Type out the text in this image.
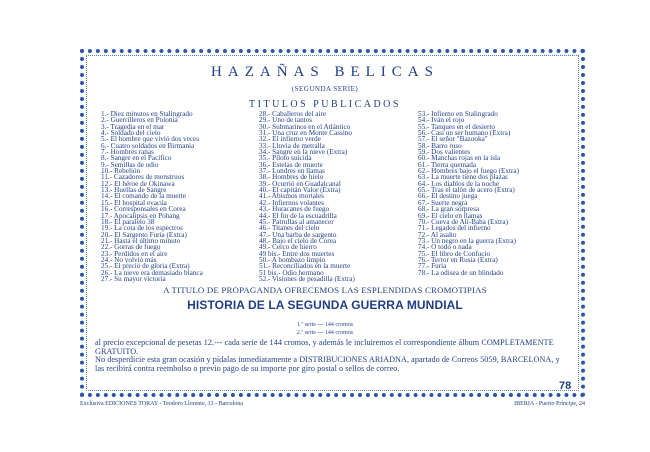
HAZAÑAS BELICAS
(SEGUNDA SERIE)
TITULOS PUBLICADOS
1.- Diez minutos en Stalingrado
2.- Guerrilleros en Polonia
3.- Tragedia en el mar
4.- Soldado del cielo
5.- El hombre que vivió dos veces
6.- Cuatro soldados en Birmania
7.- Hombres ranas
8.- Sangre en el Pacífico
9.- Semillas de odio
10.- Rebelión
11.- Cazadores de monstruos
12.- El héroe de Okinawa
13.- Huellas de Sangre
14.- El comando de la muerte
15.- El hospital evacúa
16.- Corresponsales en Corea
17.- Apocalipsis en Pohang
18.- El paralelo 38
19.- La cota de los espectros
20.- El Sargento Furia (Extra)
21.- Hasta el último minuto
22.- Gorras de fuego
23.- Perdidos en el aire
24.- No volvió más
25.- El precio de gloria (Extra)
26.- La nieve era demasiado blanca
27.- Su mayor victoria
28.- Caballeros del aire
29.- Uno de tantos
30.- Submarinos en el Atlántico
31.- Una cruz en Monte Cassino
32.- El infierno verde
33.- Lluvia de metralla
34.- Sangre en la nieve (Extra)
35.- Piloto suicida
36.- Estelas de muerte
37.- Londres en llamas
38.- Hombres de hielo
39.- Ocurrió en Guadalcanal
40.- El capitán Valor (Extra)
41.- Abismos mortales
42.- Infiernos volantes
43.- Huracanes de fuego
44.- El fin de la escuadrilla
45.- Patrullas al amanecer
46.- Titanes del cielo
47.- Una barba de sargento
48.- Bajo el cielo de Corea
49.- Cerco de hierro
49 bis.- Entre dos muertes
50.- A bombazo limpio
51.- Reconcíliados en la muerte
51 bis.- Odio hermano
52.- Visiones de pesadilla (Extra)
53.- Infierno en Stalingrado
54.- Iván el rojo
55.- Tanques en el desierto
56.- Casi un ser humano (Extra)
57.- El señor "Bazooka"
58.- Barro ruso
59.- Dos valientes
60.- Manchas rojas en la isla
61.- Tierra quemada
62.- Hombres bajo el fuego (Extra)
63.- La muerte tiene dos plazas
64.- Los diablos de la noche
65.- Tras el talón de acero (Extra)
66.- El destino juega
67.- Suerte negra
68.- La gran sorpresa
69.- El cielo en llamas
70.- Cueva de Alí-Baba (Extra)
71.- Legados del infierno
72.- Al asalto
73.- Un negro en la guerra (Extra)
74.- O todo o nada
75.- El libro de Confucio
76.- Terror en Rusia (Extra)
77.- Furia
78.- La odisea de un blindado
A TITULO DE PROPAGANDA OFRECEMOS LAS ESPLENDIDAS CROMOTIPIAS
HISTORIA DE LA SEGUNDA GUERRA MUNDIAL
1.ª serie — 144 cromos
2.ª serie — 144 cromos

al precio excepcional de pesetas 12.--- cada serie de 144 cromos, y además le incluiremos el correspondiente álbum COMPLETAMENTE GRATUITO.

No desperdicie esta gran ocasión y pídalas inmediatamente a DISTRIBUCIONES ARIADNA, apartado de Correos 5059, BARCELONA, y las recibirá contra reembolso o previo pago de su importe por giro postal o sellos de correo.

78
Exclusiva EDICIONES TORAY - Teodoro Llorente, 13 - Barcelona	IBERIA - Puerto Príncipe, 24
